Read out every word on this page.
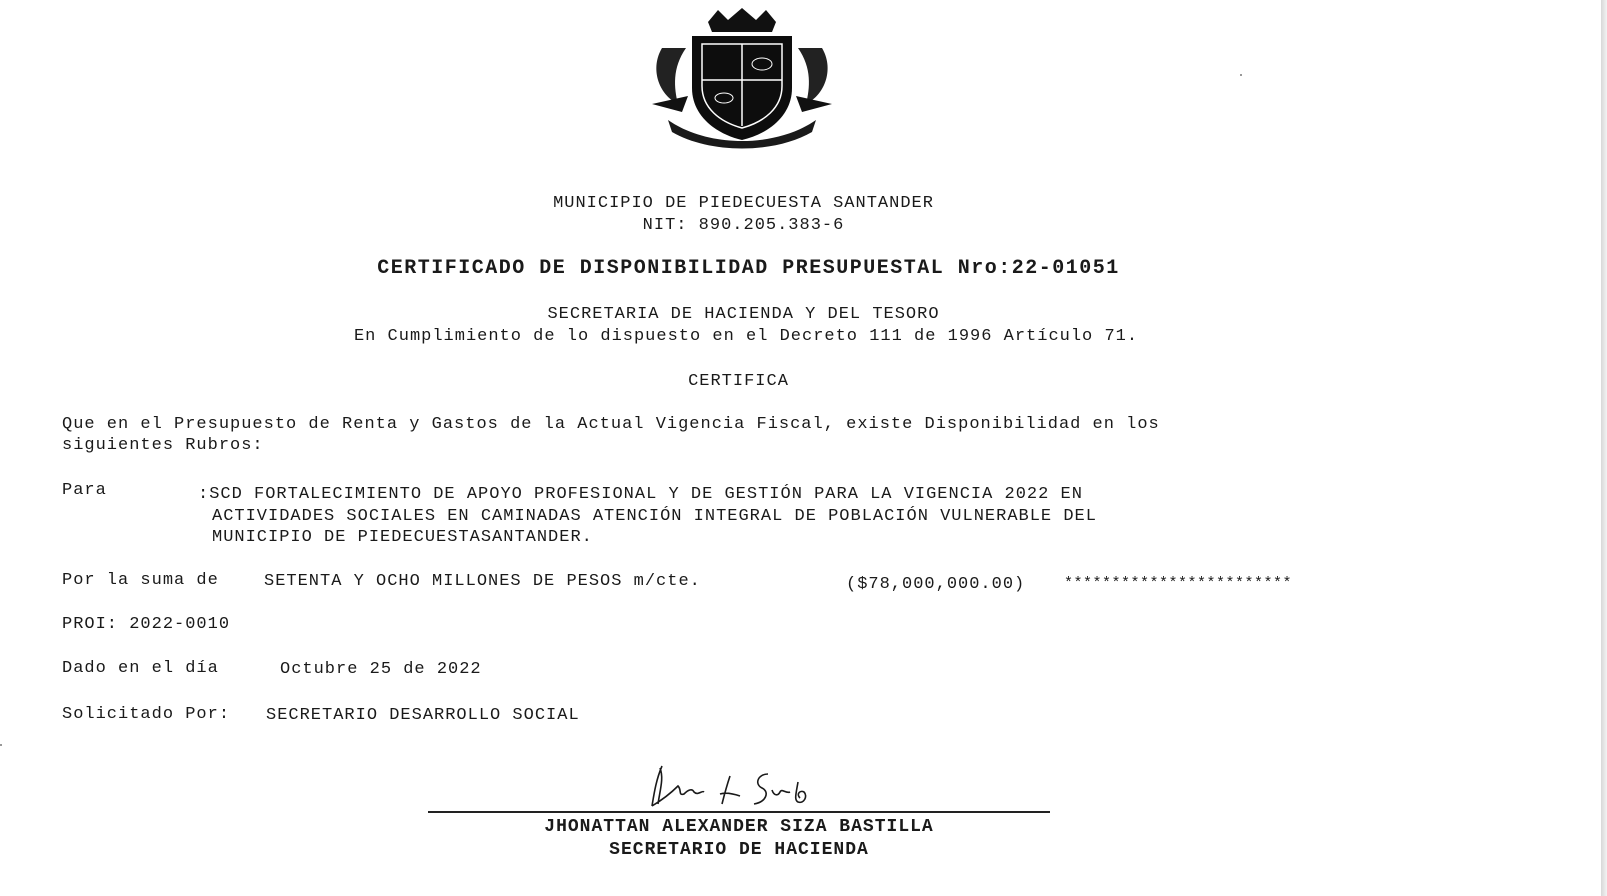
MUNICIPIO DE PIEDECUESTA SANTANDER
NIT: 890.205.383-6
CERTIFICADO DE DISPONIBILIDAD PRESUPUESTAL Nro:22-01051
SECRETARIA DE HACIENDA Y DEL TESORO
En Cumplimiento de lo dispuesto en el Decreto 111 de 1996 Artículo 71.
CERTIFICA
Que en el Presupuesto de Renta y Gastos de la Actual Vigencia Fiscal, existe Disponibilidad en los
siguientes Rubros:
Para	:SCD FORTALECIMIENTO DE APOYO PROFESIONAL Y DE GESTIÓN PARA LA VIGENCIA 2022 EN
ACTIVIDADES SOCIALES EN CAMINADAS ATENCIÓN INTEGRAL DE POBLACIÓN VULNERABLE DEL
MUNICIPIO DE PIEDECUESTASANTANDER.
Por la suma de	SETENTA Y OCHO MILLONES DE PESOS m/cte.	($78,000,000.00)	************************
PROI: 2022-0010
Dado en el día	Octubre 25 de 2022
Solicitado Por: SECRETARIO DESARROLLO SOCIAL
JHONATTAN ALEXANDER SIZA BASTILLA
SECRETARIO DE HACIENDA
